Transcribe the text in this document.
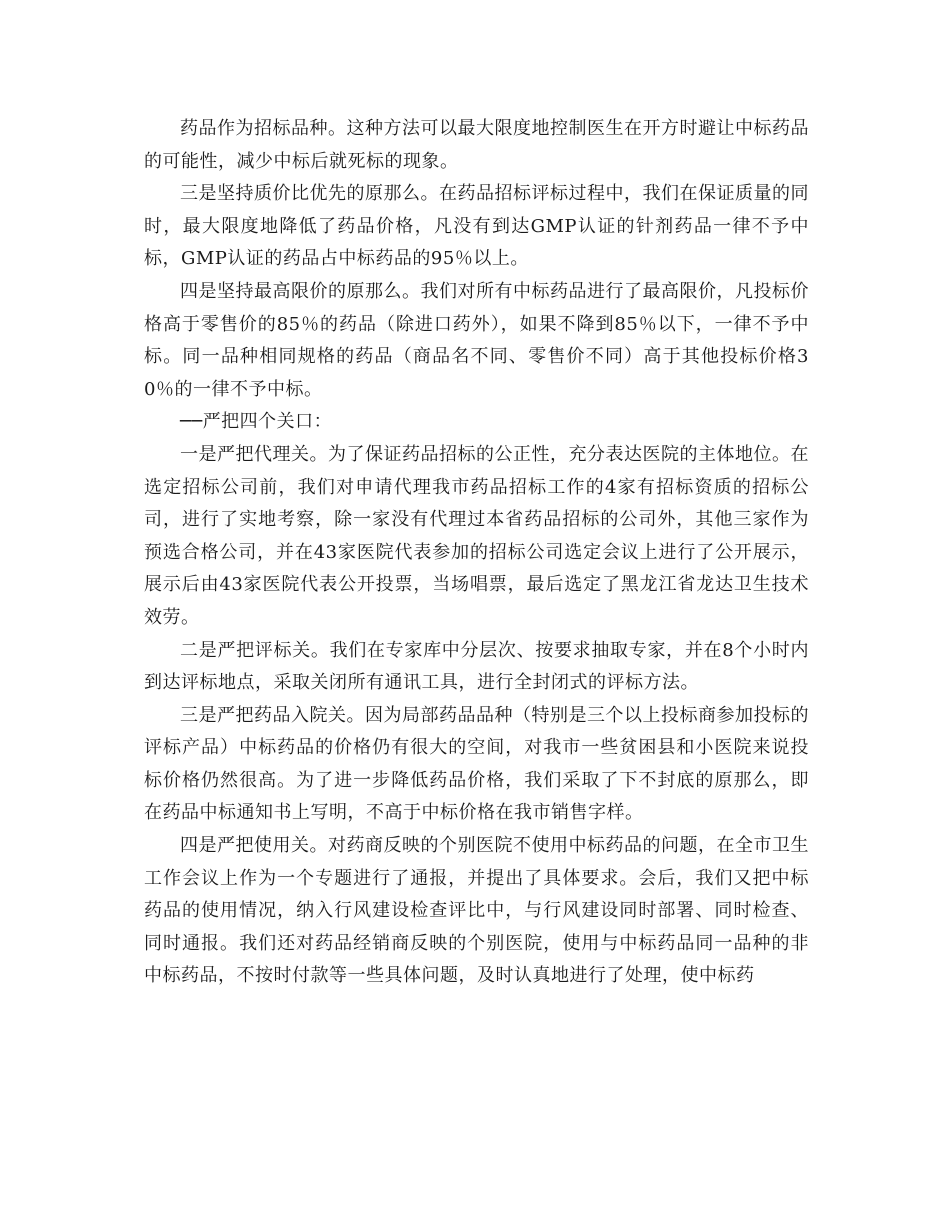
药品作为招标品种。这种方法可以最大限度地控制医生在开方时避让中标药品的可能性，减少中标后就死标的现象。

三是坚持质价比优先的原那么。在药品招标评标过程中，我们在保证质量的同时，最大限度地降低了药品价格，凡没有到达GMP认证的针剂药品一律不予中标，GMP认证的药品占中标药品的95％以上。

四是坚持最高限价的原那么。我们对所有中标药品进行了最高限价，凡投标价格高于零售价的85％的药品（除进口药外），如果不降到85％以下，一律不予中标。同一品种相同规格的药品（商品名不同、零售价不同）高于其他投标价格30％的一律不予中标。

──严把四个关口：

一是严把代理关。为了保证药品招标的公正性，充分表达医院的主体地位。在选定招标公司前，我们对申请代理我市药品招标工作的4家有招标资质的招标公司，进行了实地考察，除一家没有代理过本省药品招标的公司外，其他三家作为预选合格公司，并在43家医院代表参加的招标公司选定会议上进行了公开展示，展示后由43家医院代表公开投票，当场唱票，最后选定了黑龙江省龙达卫生技术效劳。

二是严把评标关。我们在专家库中分层次、按要求抽取专家，并在8个小时内到达评标地点，采取关闭所有通讯工具，进行全封闭式的评标方法。

三是严把药品入院关。因为局部药品品种（特别是三个以上投标商参加投标的评标产品）中标药品的价格仍有很大的空间，对我市一些贫困县和小医院来说投标价格仍然很高。为了进一步降低药品价格，我们采取了下不封底的原那么，即在药品中标通知书上写明，不高于中标价格在我市销售字样。

四是严把使用关。对药商反映的个别医院不使用中标药品的问题，在全市卫生工作会议上作为一个专题进行了通报，并提出了具体要求。会后，我们又把中标药品的使用情况，纳入行风建设检查评比中，与行风建设同时部署、同时检查、同时通报。我们还对药品经销商反映的个别医院，使用与中标药品同一品种的非中标药品，不按时付款等一些具体问题，及时认真地进行了处理，使中标药
